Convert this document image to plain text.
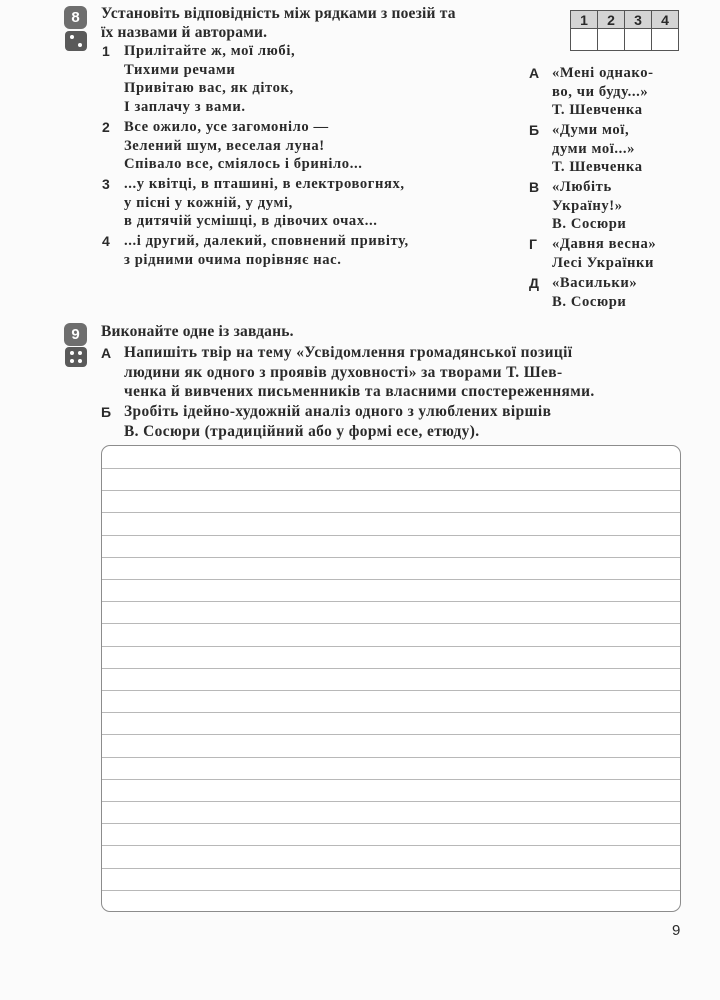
8 Установіть відповідність між рядками з поезій та
їх назвами й авторами.
1 Прилітайте ж, мої любі,
Тихими речами
Привітаю вас, як діток,
І заплачу з вами.
2 Все ожило, усе загомоніло —
Зелений шум, веселая луна!
Співало все, сміялось і бриніло...
3 ...у квітці, в пташині, в електровогнях,
у пісні у кожній, у думі,
в дитячій усмішці, в дівочих очах...
4 ...і другий, далекий, сповнений привіту,
з рідними очима порівняє нас.
1	2	3	4

А «Мені однако-
во, чи буду...»
Т. Шевченка
Б «Думи мої,
думи мої...»
Т. Шевченка
В «Любіть
Україну!»
В. Сосюри
Г «Давня весна»
Лесі Українки
Д «Васильки»
В. Сосюри
9 Виконайте одне із завдань.
А Напишіть твір на тему «Усвідомлення громадянської позиції
людини як одного з проявів духовності» за творами Т. Шев-
ченка й вивчених письменників та власними спостереженнями.
Б Зробіть ідейно-художній аналіз одного з улюблених віршів
В. Сосюри (традиційний або у формі есе, етюду).
9
